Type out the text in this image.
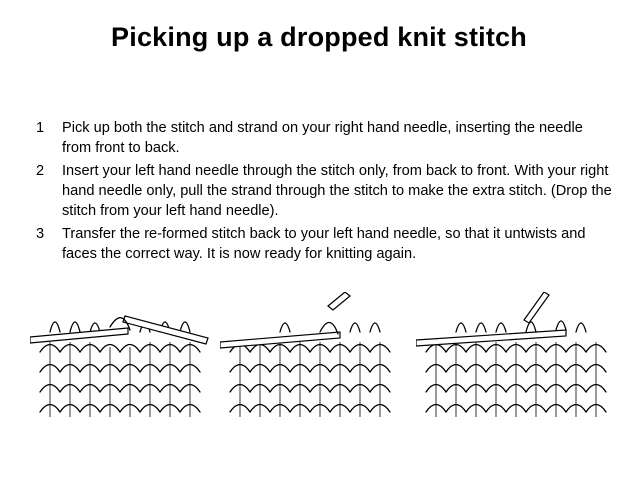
Picking up a dropped knit stitch
1 Pick up both the stitch and strand on your right hand needle, inserting the needle from front to back.
2 Insert your left hand needle through the stitch only, from back to front. With your right hand needle only, pull the strand through the stitch to make the extra stitch. (Drop the stitch from your left hand needle).
3 Transfer the re-formed stitch back to your left hand needle, so that it untwists and faces the correct way. It is now ready for knitting again.
